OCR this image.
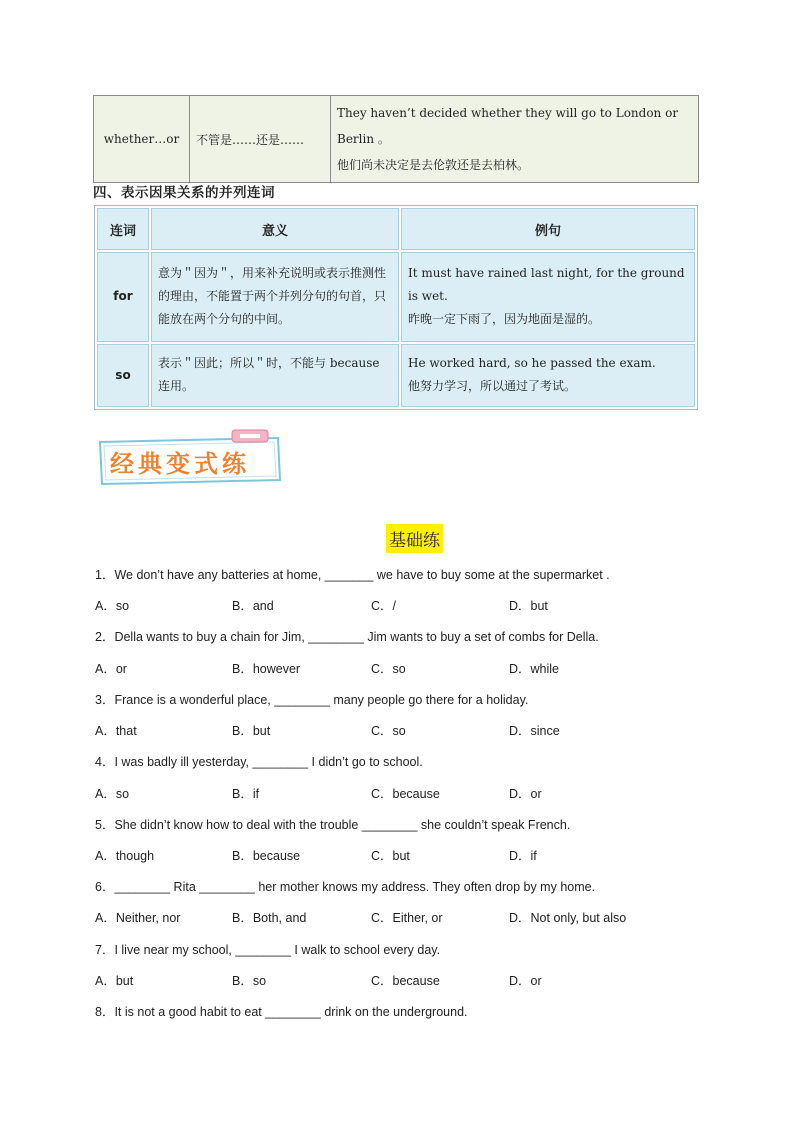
whether…or	不管是……还是……	
They haven’t decided whether they will go to London or Berlin 。
他们尚未决定是去伦敦还是去柏林。
四、表示因果关系的并列连词
连词	意义	例句
for	意为＂因为＂，用来补充说明或表示推测性的理由，不能置于两个并列分句的句首，只能放在两个分句的中间。	It must have rained last night, for the ground is wet.
昨晚一定下雨了，因为地面是湿的。

so	表示＂因此；所以＂时，不能与 because 连用。	He worked hard, so he passed the exam.
他努力学习，所以通过了考试。
经典变式练
基础练
1．We don’t have any batteries at home, _______ we have to buy some at the supermarket .
A．so	B．and	C．/	D．but
2．Della wants to buy a chain for Jim, ________ Jim wants to buy a set of combs for Della.
A．or	B．however	C．so	D．while
3．France is a wonderful place, ________ many people go there for a holiday.
A．that	B．but	C．so	D．since
4．I was badly ill yesterday, ________ I didn’t go to school.
A．so	B．if	C．because	D．or
5．She didn’t know how to deal with the trouble ________ she couldn’t speak French.
A．though	B．because	C．but	D．if
6．________ Rita ________ her mother knows my address. They often drop by my home.
A．Neither, nor	B．Both, and	C．Either, or	D．Not only, but also
7．I live near my school, ________ I walk to school every day.
A．but	B．so	C．because	D．or
8．It is not a good habit to eat ________ drink on the underground.
